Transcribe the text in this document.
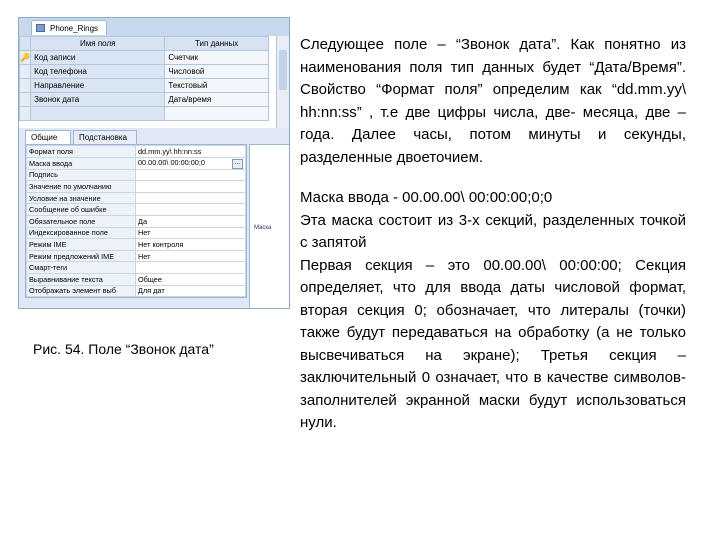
Phone_Rings
	Имя поля	Тип данных
🔑	Код записи	Счетчик
	Код телефона	Числовой
	Направление	Текстовый
	Звонок дата	Дата/время

Общие	Подстановка
Формат поля	dd.mm.yy\ hh:nn:ss
Маска ввода	00.00.00\ 00:00:00;0 ...

Подпись	
Значение по умолчанию	
Условие на значение	
Сообщение об ошибке	
Обязательное поле	Да
Индексированное поле	Нет
Режим IME	Нет контроля
Режим предложений IME	Нет
Смарт-теги	
Выравнивание текста	Общее
Отображать элемент выб	Для дат
Маска
Рис. 54. Поле “Звонок дата”

Следующее поле – “Звонок дата”. Как понятно из наименования поля тип данных будет “Дата/Время”. Свойство “Формат поля” определим как “dd.mm.yy\ hh:nn:ss” , т.е две цифры числа, две- месяца, две – года. Далее часы, потом минуты и секунды, разделенные двоеточием.

Маска ввода - 00.00.00\ 00:00:00;0;0

Эта маска состоит из 3-х секций, разделенных точкой с запятой

Первая секция – это 00.00.00\ 00:00:00; Секция определяет, что для ввода даты числовой формат, вторая секция 0; обозначает, что литералы (точки) также будут передаваться на обработку (а не только высвечиваться на экране); Третья секция – заключительный 0 означает, что в качестве символов-заполнителей экранной маски будут использоваться нули.
